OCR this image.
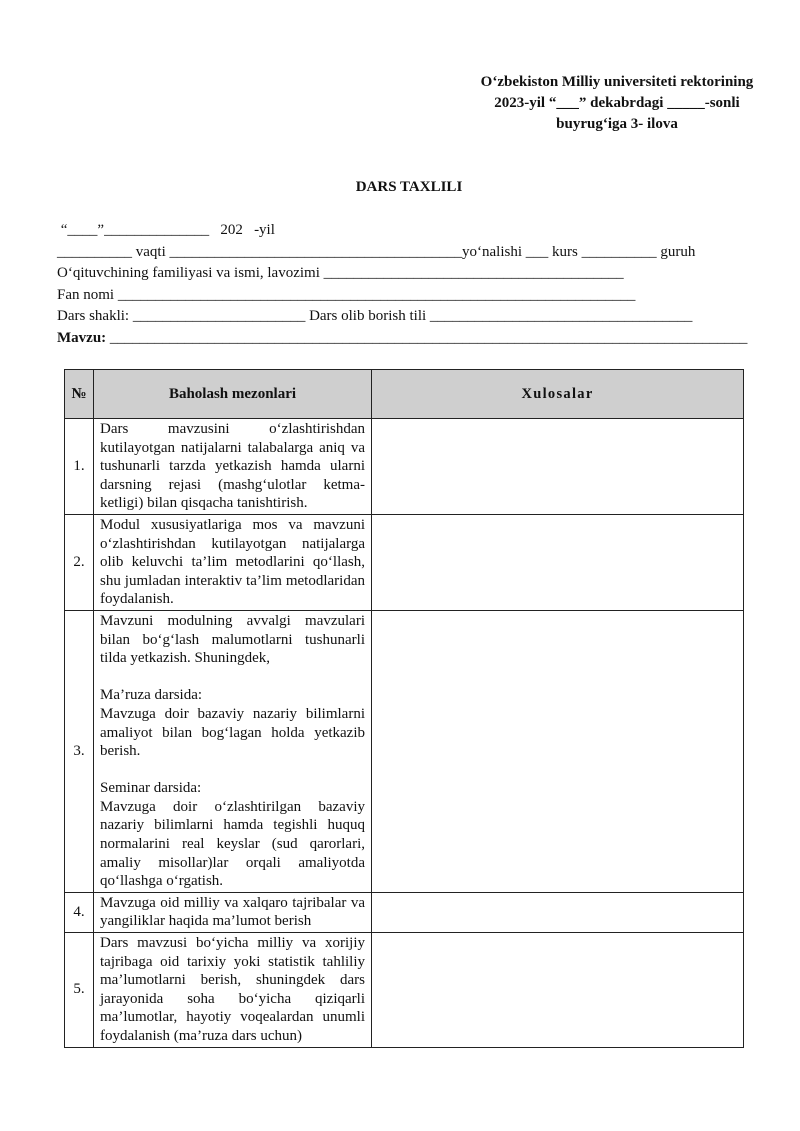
O‘zbekiston Milliy universiteti rektorining
2023-yil “___” dekabrdagi _____-sonli
buyrug‘iga 3- ilova
DARS TAXLILI
“____”______________   202   -yil
__________ vaqti _______________________________________yo‘nalishi ___ kurs __________ guruh
O‘qituvchining familiyasi va ismi, lavozimi ________________________________________
Fan nomi _____________________________________________________________________
Dars shakli: _______________________ Dars olib borish tili ___________________________________
Mavzu: _____________________________________________________________________________________
№	Baholash mezonlari	Xulosalar
1.	Dars mavzusini o‘zlashtirishdan kutilayotgan natijalarni talabalarga aniq va tushunarli tarzda yetkazish hamda ularni darsning rejasi (mashg‘ulotlar ketma-ketligi) bilan qisqacha tanishtirish.	

2.	Modul xususiyatlariga mos va mavzuni o‘zlashtirishdan kutilayotgan natijalarga olib keluvchi ta’lim metodlarini qo‘llash, shu jumladan interaktiv ta’lim metodlaridan foydalanish.	

3.	Mavzuni modulning avvalgi mavzulari bilan bo‘g‘lash malumotlarni tushunarli tilda yetkazish. Shuningdek,
Ma’ruza darsida:
Mavzuga doir bazaviy nazariy bilimlarni amaliyot bilan bog‘lagan holda yetkazib berish.
Seminar darsida:
Mavzuga doir o‘zlashtirilgan bazaviy nazariy bilimlarni hamda tegishli huquq normalarini real keyslar (sud qarorlari, amaliy misollar)lar orqali amaliyotda qo‘llashga o‘rgatish.	

4.	Mavzuga oid milliy va xalqaro tajribalar va yangiliklar haqida ma’lumot berish	

5.	Dars mavzusi bo‘yicha milliy va xorijiy tajribaga oid tarixiy yoki statistik tahliliy ma’lumotlarni berish, shuningdek dars jarayonida soha bo‘yicha qiziqarli ma’lumotlar, hayotiy voqealardan unumli foydalanish (ma’ruza dars uchun)	
